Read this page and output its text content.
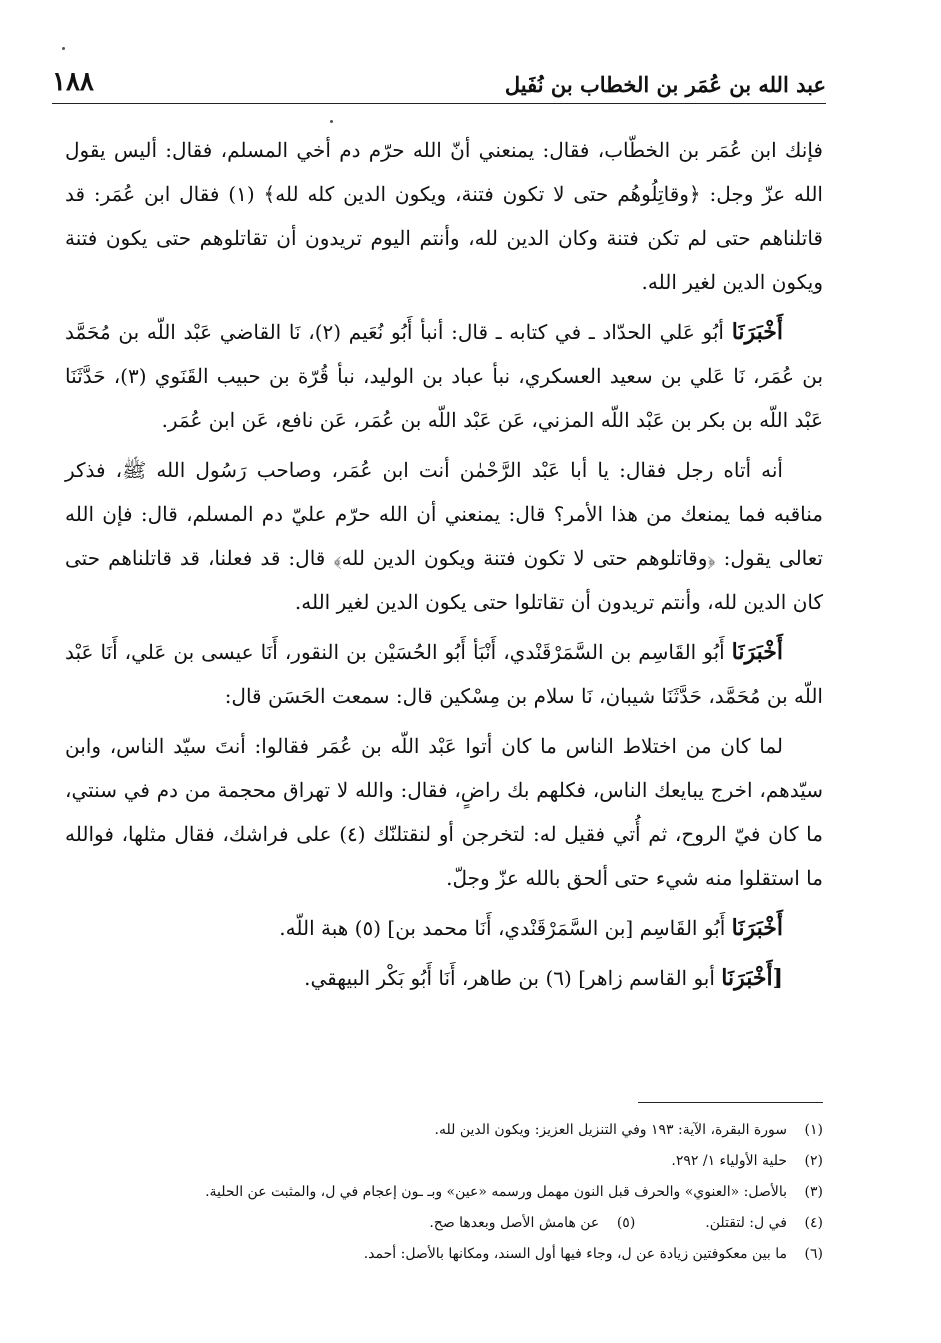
عبد الله بن عُمَر بن الخطاب بن نُفَيل
١٨٨

فإنك ابن عُمَر بن الخطّاب، فقال: يمنعني أنّ الله حرّم دم أخي المسلم، فقال: أليس يقول الله عزّ وجل: ﴿وقاتِلُوهُم حتى لا تكون فتنة، ويكون الدين كله لله﴾ (١) فقال ابن عُمَر: قد قاتلناهم حتى لم تكن فتنة وكان الدين لله، وأنتم اليوم تريدون أن تقاتلوهم حتى يكون فتنة ويكون الدين لغير الله.

أَخْبَرَنَا أبُو عَلي الحدّاد ـ في كتابه ـ قال: أنبأ أَبُو نُعَيم (٢)، نَا القاضي عَبْد اللّه بن مُحَمَّد بن عُمَر، نَا عَلي بن سعيد العسكري، نبأ عباد بن الوليد، نبأ قُرّة بن حبيب القَنَوي (٣)، حَدَّثَنَا عَبْد اللّه بن بكر بن عَبْد اللّه المزني، عَن عَبْد اللّه بن عُمَر، عَن نافع، عَن ابن عُمَر.

أنه أتاه رجل فقال: يا أبا عَبْد الرَّحْمٰن أنت ابن عُمَر، وصاحب رَسُول الله ﷺ، فذكر مناقبه فما يمنعك من هذا الأمر؟ قال: يمنعني أن الله حرّم عليّ دم المسلم، قال: فإن الله تعالى يقول: ﴿وقاتلوهم حتى لا تكون فتنة ويكون الدين لله﴾ قال: قد فعلنا، قد قاتلناهم حتى كان الدين لله، وأنتم تريدون أن تقاتلوا حتى يكون الدين لغير الله.

أَخْبَرَنَا أَبُو القَاسِم بن السَّمَرْقَنْدي، أَنْبَأ أَبُو الحُسَيْن بن النقور، أَنَا عيسى بن عَلي، أَنَا عَبْد اللّه بن مُحَمَّد، حَدَّثَنَا شيبان، نَا سلام بن مِسْكين قال: سمعت الحَسَن قال:

لما كان من اختلاط الناس ما كان أتوا عَبْد اللّه بن عُمَر فقالوا: أنتَ سيّد الناس، وابن سيّدهم، اخرج يبايعك الناس، فكلهم بك راضٍ، فقال: والله لا تهراق محجمة من دم في سنتي، ما كان فيّ الروح، ثم أُتي فقيل له: لتخرجن أو لنقتلنّك (٤) على فراشك، فقال مثلها، فوالله ما استقلوا منه شيء حتى ألحق بالله عزّ وجلّ.

أَخْبَرَنَا أَبُو القَاسِم [بن السَّمَرْقَنْدي، أَنَا محمد بن] (٥) هبة اللّه.

[أَخْبَرَنَا أبو القاسم زاهر] (٦) بن طاهر، أَنَا أَبُو بَكْر البيهقي.

(١)
سورة البقرة، الآية: ١٩٣ وفي التنزيل العزيز: ويكون الدين لله.
(٢)
حلية الأولياء ١/ ٢٩٢.
(٣)
بالأصل: «العنوي» والحرف قبل النون مهمل ورسمه «عين» وبـ ـون إعجام في ل، والمثبت عن الحلية.
(٤)
في ل: لتقتلن.
(٥)
عن هامش الأصل وبعدها صح.
(٦)
ما بين معكوفتين زيادة عن ل، وجاء فيها أول السند، ومكانها بالأصل: أحمد.
